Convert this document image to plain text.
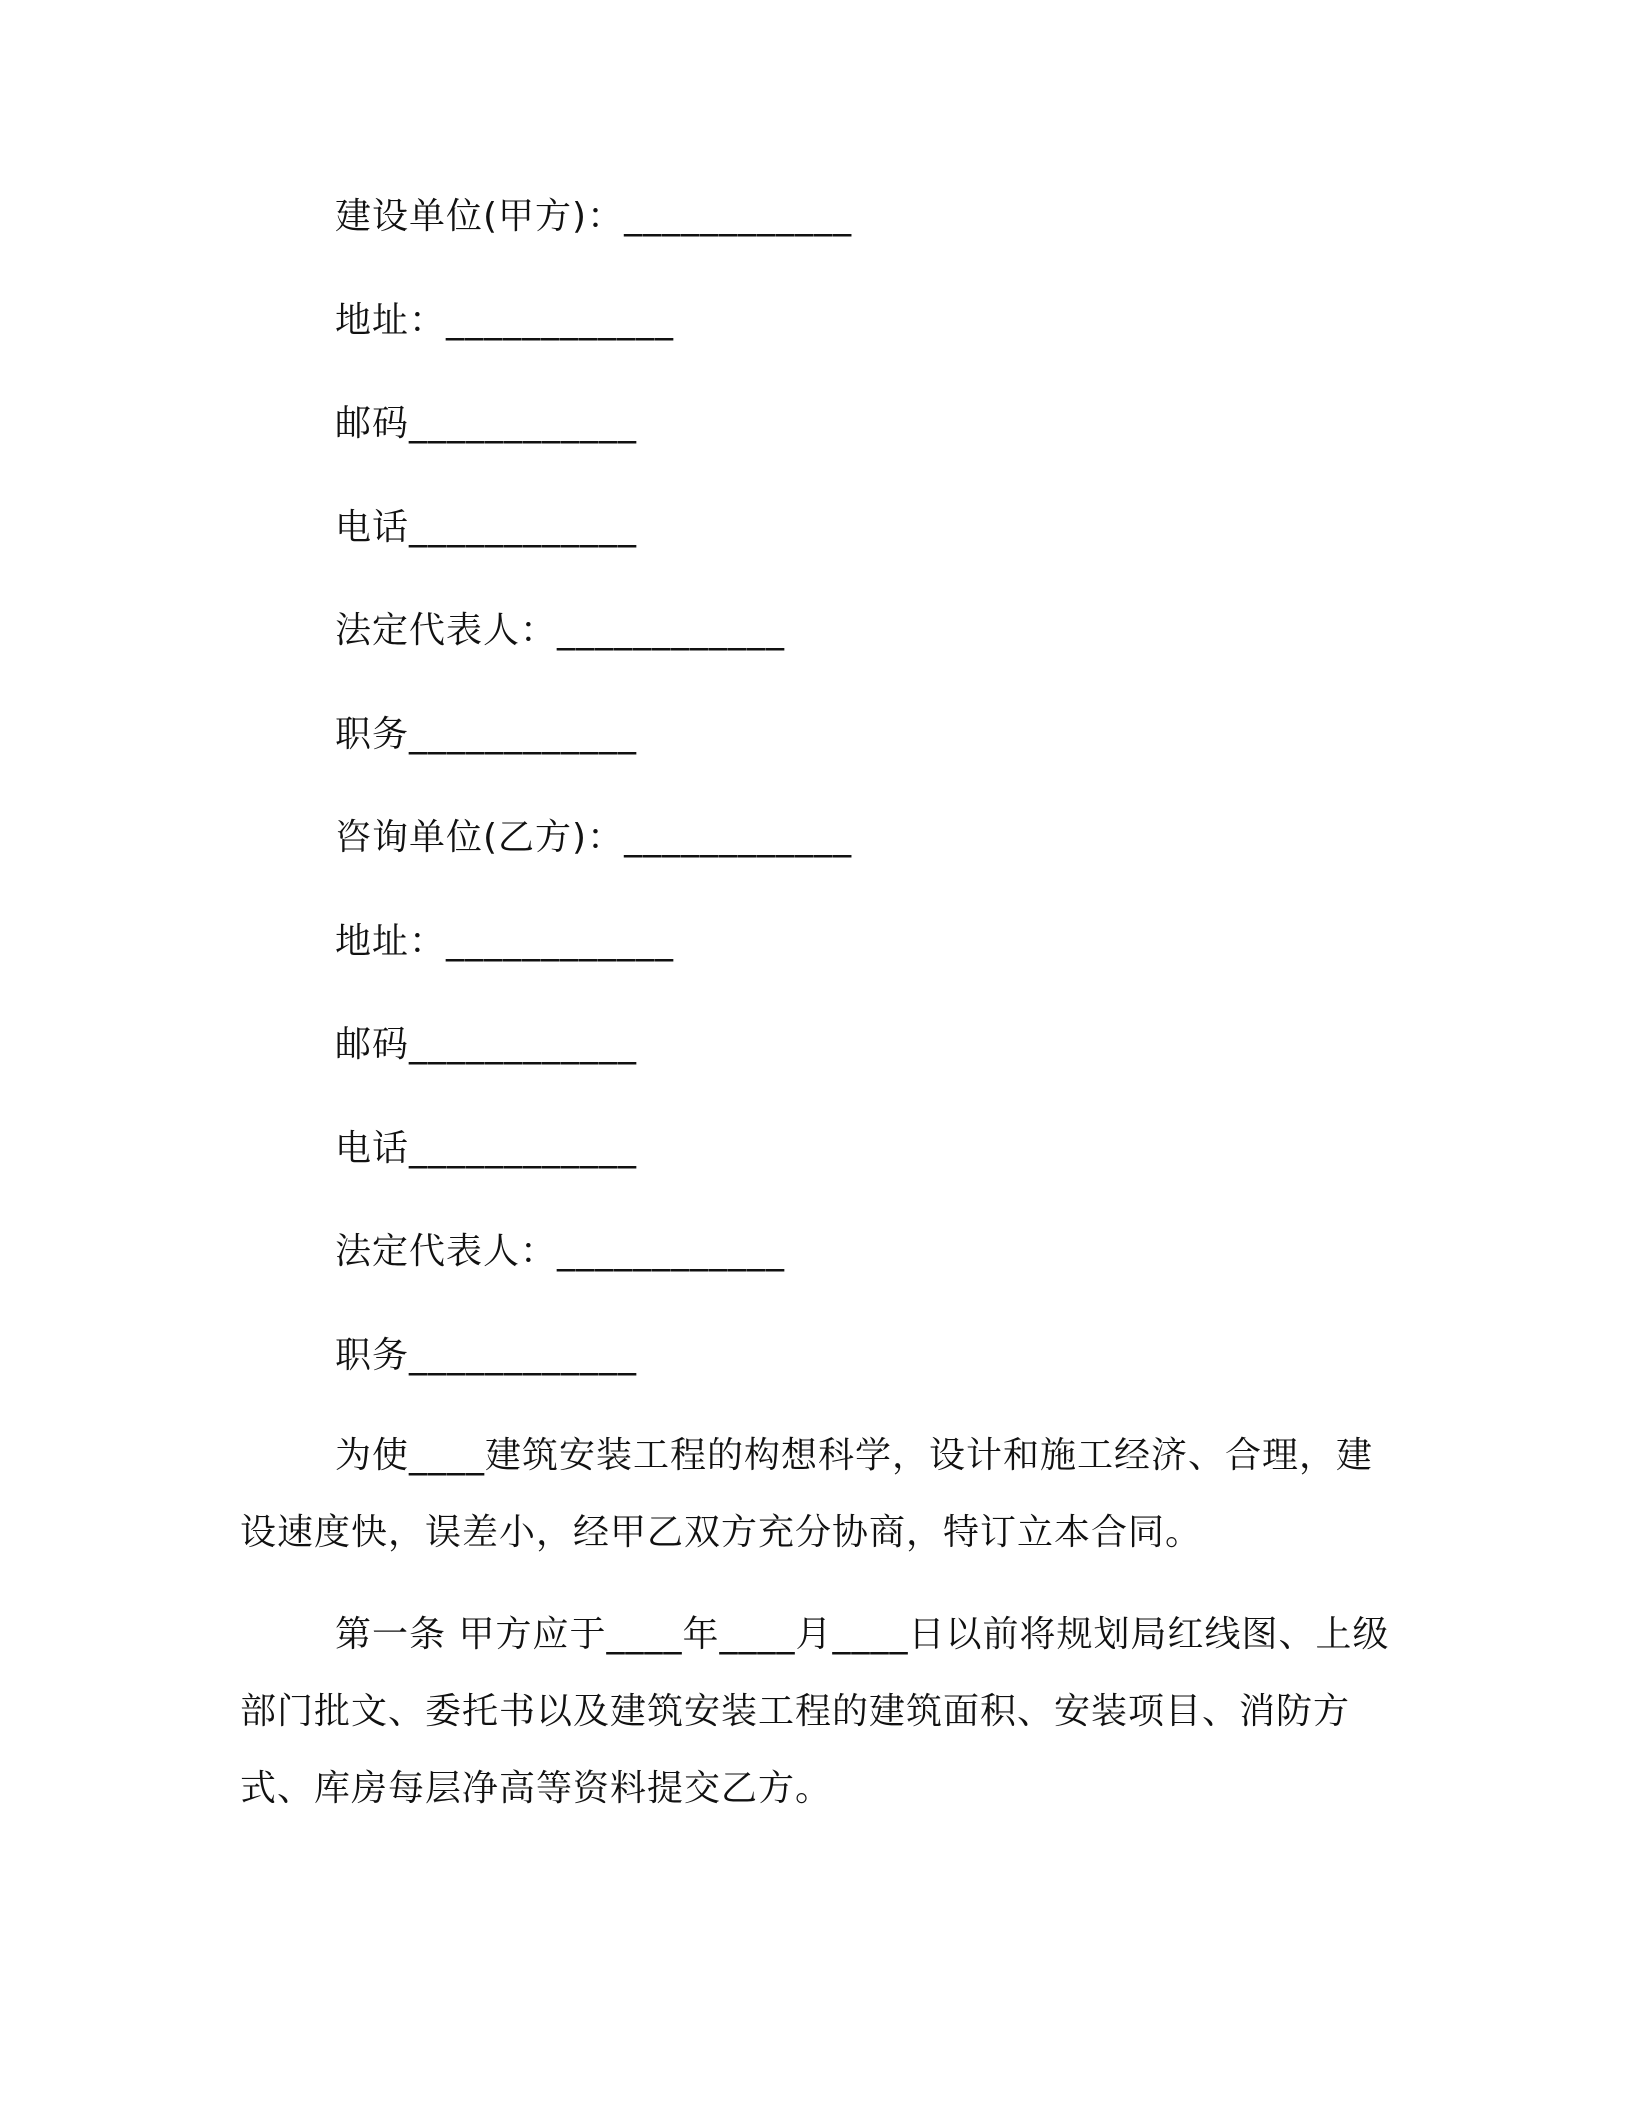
建设单位(甲方)：____________
地址：____________
邮码____________
电话____________
法定代表人：____________
职务____________
咨询单位(乙方)：____________
地址：____________
邮码____________
电话____________
法定代表人：____________
职务____________

为使____建筑安装工程的构想科学，设计和施工经济、合理，建设速度快，误差小，经甲乙双方充分协商，特订立本合同。

第一条 甲方应于____年____月____日以前将规划局红线图、上级部门批文、委托书以及建筑安装工程的建筑面积、安装项目、消防方式、库房每层净高等资料提交乙方。
